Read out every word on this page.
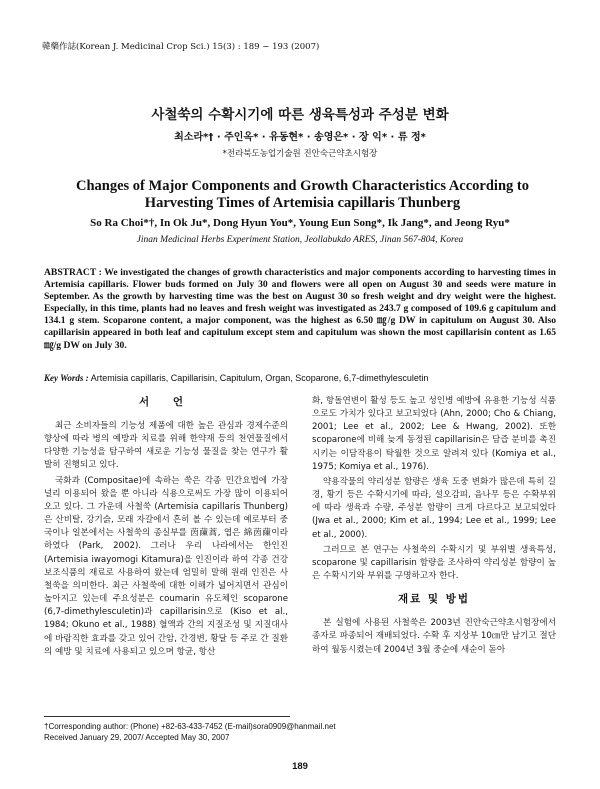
韓藥作誌(Korean J. Medicinal Crop Sci.) 15(3) : 189 − 193 (2007)
사철쑥의 수확시기에 따른 생육특성과 주성분 변화
최소라*† · 주인옥* · 유동현* · 송영은* · 장 익* · 류 정*
*전라북도농업기술원 진안숙근약초시험장
Changes of Major Components and Growth Characteristics According to Harvesting Times of Artemisia capillaris Thunberg
So Ra Choi*†, In Ok Ju*, Dong Hyun You*, Young Eun Song*, Ik Jang*, and Jeong Ryu*
Jinan Medicinal Herbs Experiment Station, Jeollabukdo ARES, Jinan 567-804, Korea

ABSTRACT : We investigated the changes of growth characteristics and major components according to harvesting times in Artemisia capillaris. Flower buds formed on July 30 and flowers were all open on August 30 and seeds were mature in September. As the growth by harvesting time was the best on August 30 so fresh weight and dry weight were the highest. Especially, in this time, plants had no leaves and fresh weight was investigated as 243.7 g composed of 109.6 g capitulum and 134.1 g stem. Scoparone content, a major component, was the highest as 6.50 ㎎/g DW in capitulum on August 30. Also capillarisin appeared in both leaf and capitulum except stem and capitulum was shown the most capillarisin content as 1.65 ㎎/g DW on July 30.

Key Words : Artemisia capillaris, Capillarisin, Capitulum, Organ, Scoparone, 6,7-dimethylesculetin
서 언

최근 소비자들의 기능성 제품에 대한 높은 관심과 경제수준의 향상에 따라 병의 예방과 치료를 위해 한약재 등의 천연물질에서 다양한 기능성을 탐구하여 새로운 기능성 물질을 찾는 연구가 활발히 진행되고 있다.

국화과 (Compositae)에 속하는 쑥은 각종 민간요법에 가장 널리 이용되어 왔을 뿐 아니라 식용으로써도 가장 많이 이용되어 오고 있다. 그 가운데 사철쑥 (Artemisia capillaris Thunberg)은 산비탈, 강기슭, 모래 자갈에서 흔히 볼 수 있는데 예로부터 중국이나 일본에서는 사철쑥의 종실부를 茵蔯蒿, 엽은 綿茵蔯이라 하였다 (Park, 2002). 그러나 우리 나라에서는 한인진 (Artemisia iwayomogi Kitamura)을 인진이라 하여 각종 건강보조식품의 재료로 사용하여 왔는데 엄밀히 말해 원래 인진은 사철쑥을 의미한다. 최근 사철쑥에 대한 이해가 넓어지면서 관심이 높아지고 있는데 주요성분은 coumarin 유도체인 scoparone (6,7-dimethylesculetin)과 capillarisin으로 (Kiso et al., 1984; Okuno et al., 1988) 혈액과 간의 지질조성 및 지질대사에 바람직한 효과를 갖고 있어 간암, 간경변, 황달 등 주로 간 질환의 예방 및 치료에 사용되고 있으며 항균, 항산

화, 항돌연변이 활성 등도 높고 성인병 예방에 유용한 기능성 식품으로도 가치가 있다고 보고되었다 (Ahn, 2000; Cho & Chiang, 2001; Lee et al., 2002; Lee & Hwang, 2002). 또한 scoparone에 비해 늦게 동정된 capillarisin은 담즙 분비를 촉진시키는 이담작용이 탁월한 것으로 알려져 있다 (Komiya et al., 1975; Komiya et al., 1976).

약용작물의 약리성분 함량은 생육 도중 변화가 많은데 특히 길경, 황기 등은 수확시기에 따라, 설오감피, 음나무 등은 수확부위에 따라 생육과 수량, 주성분 함량이 크게 다르다고 보고되었다 (Jwa et al., 2000; Kim et al., 1994; Lee et al., 1999; Lee et al., 2000).

그러므로 본 연구는 사철쑥의 수확시기 및 부위별 생육특성, scoparone 및 capillarisin 함량을 조사하여 약리성분 함량이 높은 수확시기와 부위를 구명하고자 한다.

재료 및 방법

본 실험에 사용된 사철쑥은 2003년 진안숙근약초시험장에서 종자로 파종되어 재배되었다. 수확 후 지상부 10㎝만 남기고 절단하여 월동시켰는데 2004년 3월 중순에 새순이 돋아

†Corresponding author: (Phone) +82-63-433-7452 (E-mail)sora0909@hanmail.net
Received January 29, 2007/ Accepted May 30, 2007
189
